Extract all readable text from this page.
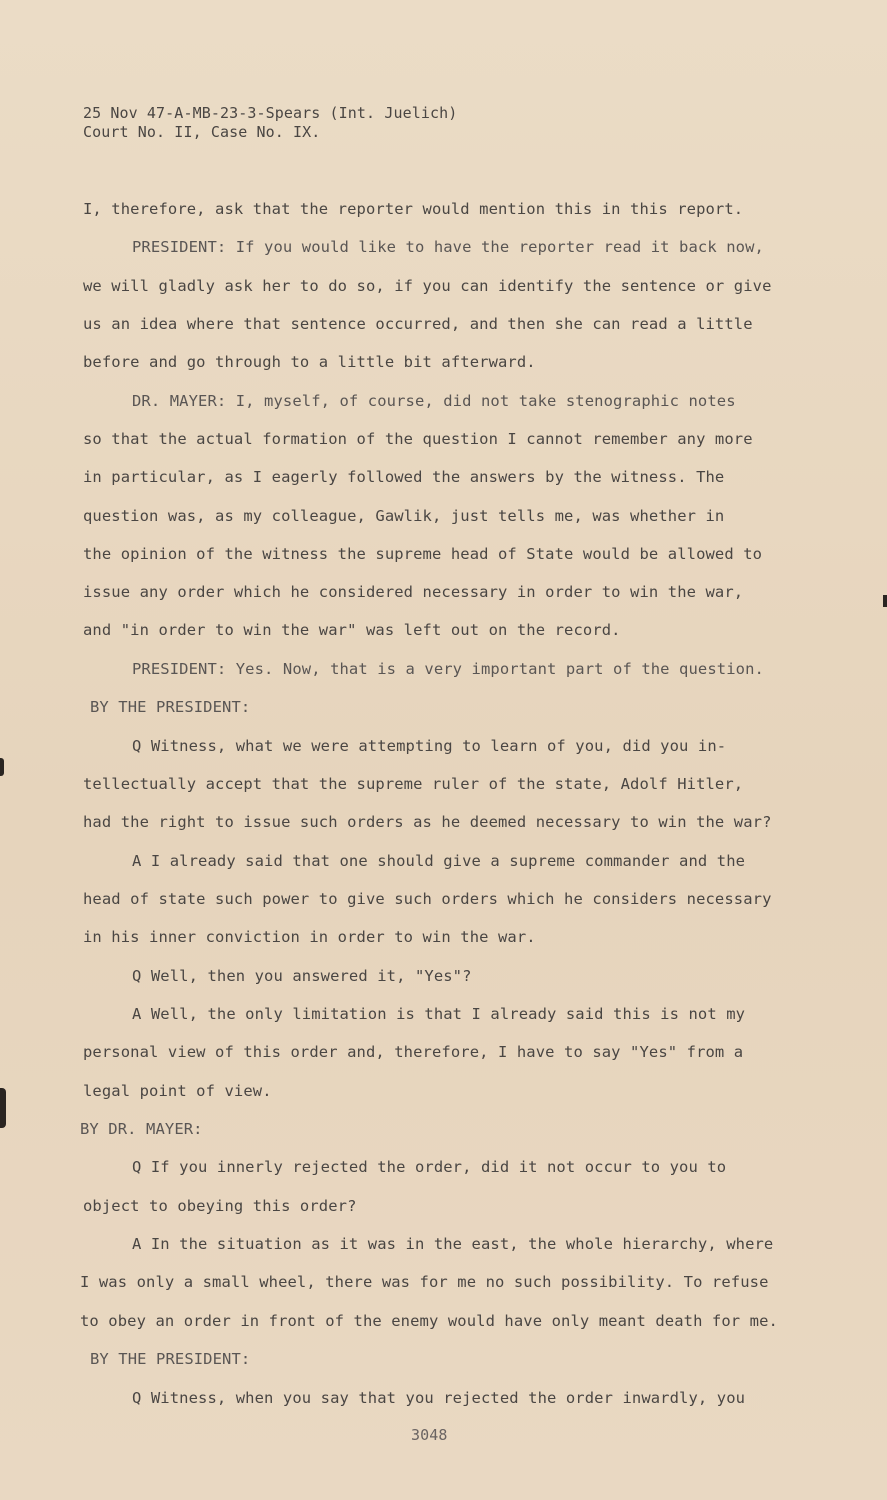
25 Nov 47-A-MB-23-3-Spears (Int. Juelich)
Court No. II, Case No. IX.
I, therefore, ask that the reporter would mention this in this report.
PRESIDENT: If you would like to have the reporter read it back now,
we will gladly ask her to do so, if you can identify the sentence or give
us an idea where that sentence occurred, and then she can read a little
before and go through to a little bit afterward.
DR. MAYER: I, myself, of course, did not take stenographic notes
so that the actual formation of the question I cannot remember any more
in particular, as I eagerly followed the answers by the witness. The
question was, as my colleague, Gawlik, just tells me, was whether in
the opinion of the witness the supreme head of State would be allowed to
issue any order which he considered necessary in order to win the war,
and "in order to win the war" was left out on the record.
PRESIDENT: Yes. Now, that is a very important part of the question.
BY THE PRESIDENT:
Q Witness, what we were attempting to learn of you, did you in-
tellectually accept that the supreme ruler of the state, Adolf Hitler,
had the right to issue such orders as he deemed necessary to win the war?
A I already said that one should give a supreme commander and the
head of state such power to give such orders which he considers necessary
in his inner conviction in order to win the war.
Q Well, then you answered it, "Yes"?
A Well, the only limitation is that I already said this is not my
personal view of this order and, therefore, I have to say "Yes" from a
legal point of view.
BY DR. MAYER:
Q If you innerly rejected the order, did it not occur to you to
object to obeying this order?
A In the situation as it was in the east, the whole hierarchy, where
I was only a small wheel, there was for me no such possibility. To refuse
to obey an order in front of the enemy would have only meant death for me.
BY THE PRESIDENT:
Q Witness, when you say that you rejected the order inwardly, you
3048
